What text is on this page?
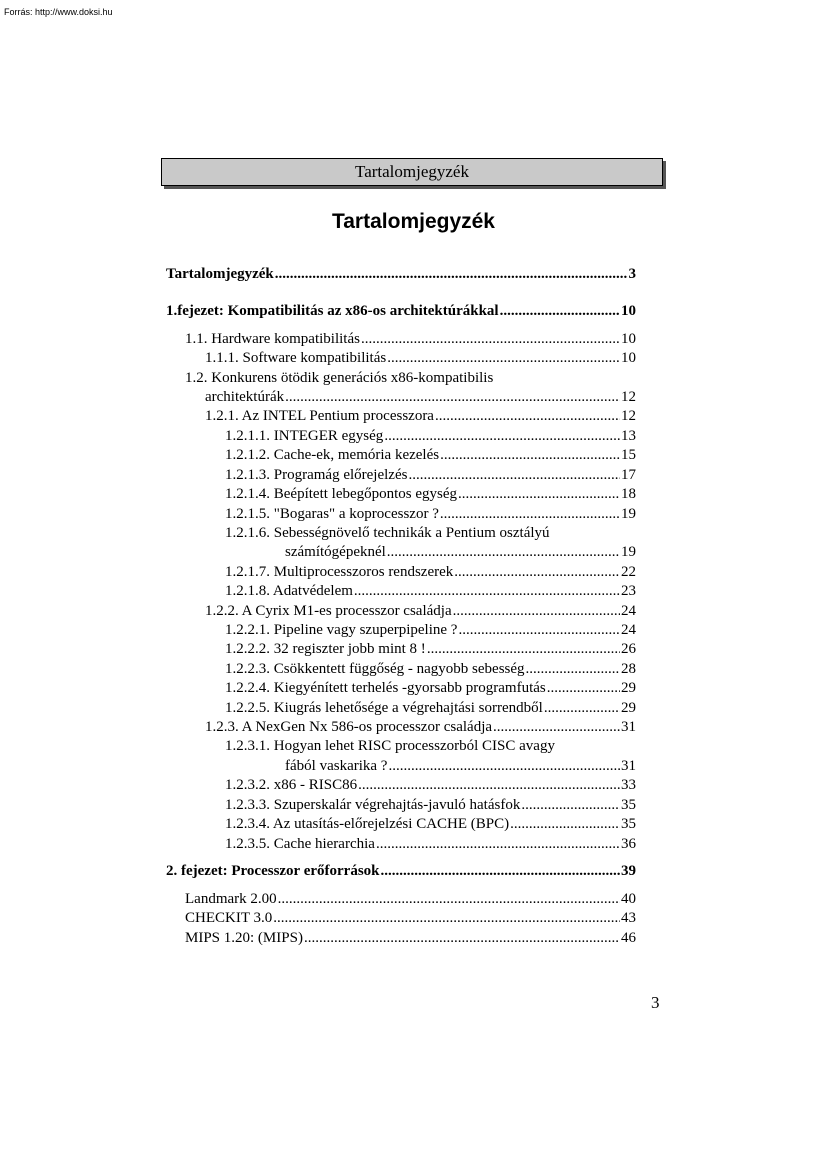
Forrás: http://www.doksi.hu
Tartalomjegyzék
Tartalomjegyzék
Tartalomjegyzék .....	3
1.fejezet: Kompatibilitás az x86-os architektúrákkal .....	10
1.1. Hardware kompatibilitás .....	10
1.1.1. Software kompatibilitás .....	10
1.2. Konkurens ötödik generációs x86-kompatibilis
architektúrák .....	12
1.2.1. Az INTEL Pentium processzora .....	12
1.2.1.1. INTEGER egység .....	13
1.2.1.2. Cache-ek, memória kezelés .....	15
1.2.1.3. Programág előrejelzés .....	17
1.2.1.4. Beépített lebegőpontos egység .....	18
1.2.1.5. "Bogaras" a koprocesszor ? .....	19
1.2.1.6. Sebességnövelő technikák a Pentium osztályú
számítógépeknél .....	19
1.2.1.7. Multiprocesszoros rendszerek .....	22
1.2.1.8. Adatvédelem .....	23
1.2.2. A Cyrix M1-es processzor családja .....	24
1.2.2.1. Pipeline vagy szuperpipeline ? .....	24
1.2.2.2. 32 regiszter jobb mint 8 ! .....	26
1.2.2.3. Csökkentett függőség - nagyobb sebesség .....	28
1.2.2.4. Kiegyénített terhelés -gyorsabb programfutás .....	29
1.2.2.5. Kiugrás lehetősége a végrehajtási sorrendből .....	29
1.2.3. A NexGen Nx 586-os processzor családja .....	31
1.2.3.1. Hogyan lehet RISC processzorból CISC avagy
fából vaskarika ? .....	31
1.2.3.2. x86 - RISC86 .....	33
1.2.3.3. Szuperskalár végrehajtás-javuló hatásfok .....	35
1.2.3.4. Az utasítás-előrejelzési CACHE (BPC) .....	35
1.2.3.5. Cache hierarchia .....	36
2. fejezet: Processzor erőforrások .....	39
Landmark 2.00 .....	40
CHECKIT 3.0 .....	43
MIPS 1.20: (MIPS) .....	46
3
